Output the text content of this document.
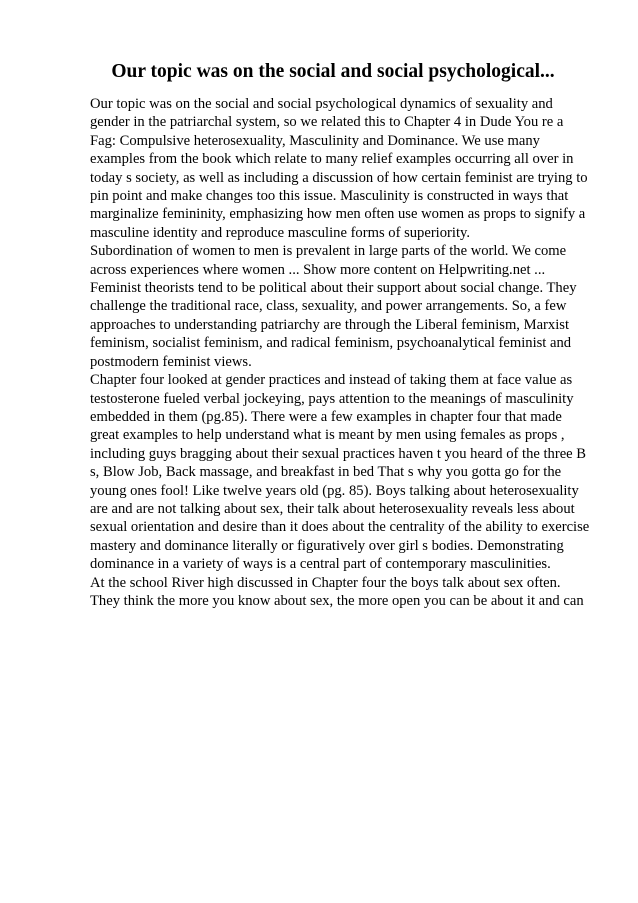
Our topic was on the social and social psychological...

Our topic was on the social and social psychological dynamics of sexuality and gender in the patriarchal system, so we related this to Chapter 4 in Dude You re a Fag: Compulsive heterosexuality, Masculinity and Dominance. We use many examples from the book which relate to many relief examples occurring all over in today s society, as well as including a discussion of how certain feminist are trying to pin point and make changes too this issue. Masculinity is constructed in ways that marginalize femininity, emphasizing how men often use women as props to signify a masculine identity and reproduce masculine forms of superiority.

Subordination of women to men is prevalent in large parts of the world. We come across experiences where women ... Show more content on Helpwriting.net ... Feminist theorists tend to be political about their support about social change. They challenge the traditional race, class, sexuality, and power arrangements. So, a few approaches to understanding patriarchy are through the Liberal feminism, Marxist feminism, socialist feminism, and radical feminism, psychoanalytical feminist and postmodern feminist views.

Chapter four looked at gender practices and instead of taking them at face value as testosterone fueled verbal jockeying, pays attention to the meanings of masculinity embedded in them (pg.85). There were a few examples in chapter four that made great examples to help understand what is meant by men using females as props , including guys bragging about their sexual practices haven t you heard of the three B s, Blow Job, Back massage, and breakfast in bed That s why you gotta go for the young ones fool! Like twelve years old (pg. 85). Boys talking about heterosexuality are and are not talking about sex, their talk about heterosexuality reveals less about sexual orientation and desire than it does about the centrality of the ability to exercise mastery and dominance literally or figuratively over girl s bodies. Demonstrating dominance in a variety of ways is a central part of contemporary masculinities.

At the school River high discussed in Chapter four the boys talk about sex often. They think the more you know about sex, the more open you can be about it and can
